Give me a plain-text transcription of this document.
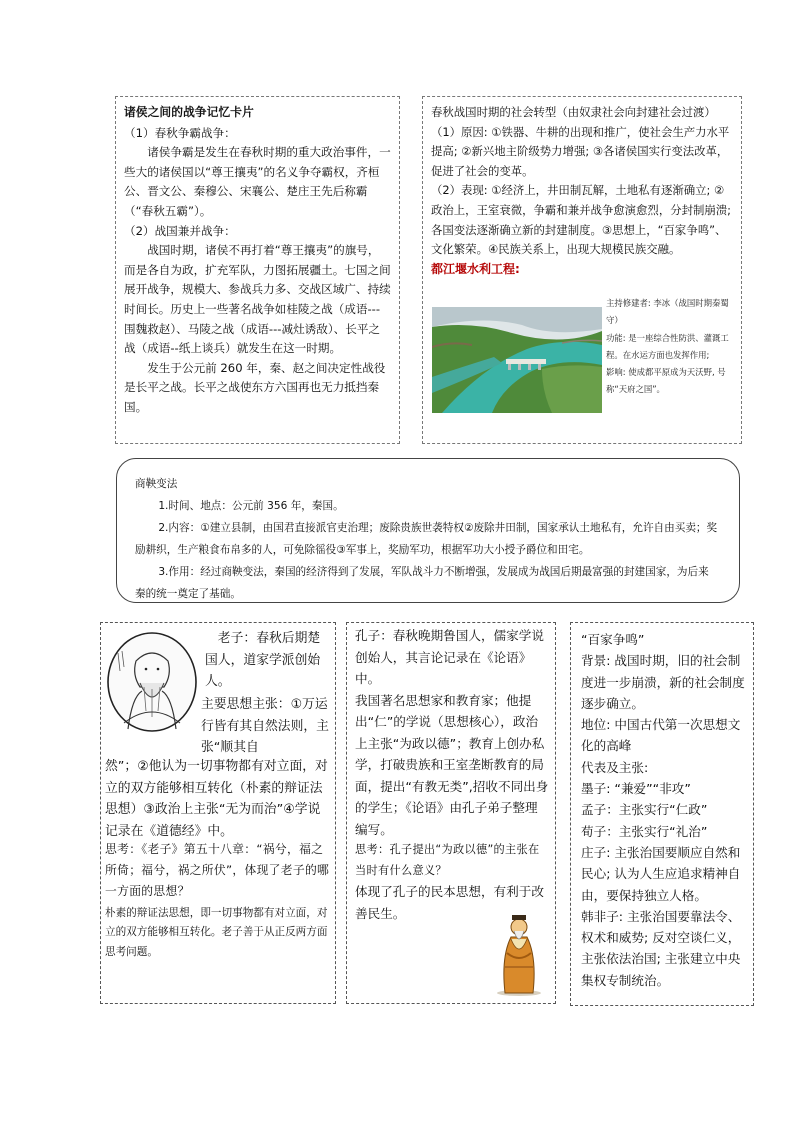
诸侯之间的战争记忆卡片

（1）春秋争霸战争：

诸侯争霸是发生在春秋时期的重大政治事件，一些大的诸侯国以“尊王攘夷”的名义争夺霸权，齐桓公、晋文公、秦穆公、宋襄公、楚庄王先后称霸（“春秋五霸”）。

（2）战国兼并战争：

战国时期，诸侯不再打着“尊王攘夷”的旗号，而是各自为政，扩充军队，力图拓展疆土。七国之间展开战争，规模大、参战兵力多、交战区域广、持续时间长。历史上一些著名战争如桂陵之战（成语---围魏救赵）、马陵之战（成语---减灶诱敌）、长平之战（成语--纸上谈兵）就发生在这一时期。

发生于公元前 260 年，秦、赵之间决定性战役是长平之战。长平之战使东方六国再也无力抵挡秦国。

春秋战国时期的社会转型（由奴隶社会向封建社会过渡）

（1）原因: ①铁器、牛耕的出现和推广，使社会生产力水平提高; ②新兴地主阶级势力增强; ③各诸侯国实行变法改革，促进了社会的变革。

（2）表现: ①经济上，井田制瓦解，土地私有逐渐确立; ②政治上，王室衰微，争霸和兼并战争愈演愈烈，分封制崩溃; 各国变法逐渐确立新的封建制度。③思想上，“百家争鸣”、文化繁荣。④民族关系上，出现大规模民族交融。

都江堰水利工程:

主持修建者: 李冰（战国时期秦蜀守）

功能: 是一座综合性防洪、灌溉工程。在水运方面也发挥作用;

影响: 使成都平原成为天沃野, 号称“天府之国”。

商鞅变法

1.时间、地点：公元前 356 年，秦国。

2.内容：①建立县制，由国君直接派官吏治理；废除贵族世袭特权②废除井田制，国家承认土地私有，允许自由买卖；奖励耕织，生产粮食布帛多的人，可免除徭役③军事上，奖励军功，根据军功大小授予爵位和田宅。

3.作用：经过商鞅变法，秦国的经济得到了发展，军队战斗力不断增强，发展成为战国后期最富强的封建国家，为后来秦的统一奠定了基础。

老子：春秋后期楚国人，道家学派创始人。

主要思想主张：①万运行皆有其自然法则，主张“顺其自

然”；②他认为一切事物都有对立面，对立的双方能够相互转化（朴素的辩证法思想）③政治上主张“无为而治”④学说记录在《道德经》中。

思考：《老子》第五十八章：“祸兮，福之所倚；福兮，祸之所伏”，体现了老子的哪一方面的思想？

朴素的辩证法思想，即一切事物都有对立面，对立的双方能够相互转化。老子善于从正反两方面思考问题。

孔子：春秋晚期鲁国人，儒家学说创始人，其言论记录在《论语》中。

我国著名思想家和教育家；他提出“仁”的学说（思想核心），政治上主张“为政以德”；教育上创办私学，打破贵族和王室垄断教育的局面，提出“有教无类”,招收不同出身的学生；《论语》由孔子弟子整理编写。

思考：孔子提出“为政以德”的主张在当时有什么意义？

体现了孔子的民本思想，有利于改善民生。

“百家争鸣”

背景: 战国时期，旧的社会制度进一步崩溃，新的社会制度逐步确立。

地位: 中国古代第一次思想文化的高峰

代表及主张:

墨子: “兼爱”“非攻”

孟子：主张实行“仁政”

荀子：主张实行“礼治”

庄子: 主张治国要顺应自然和民心; 认为人生应追求精神自由，要保持独立人格。

韩非子: 主张治国要靠法令、权术和威势; 反对空谈仁义，主张依法治国; 主张建立中央集权专制统治。
